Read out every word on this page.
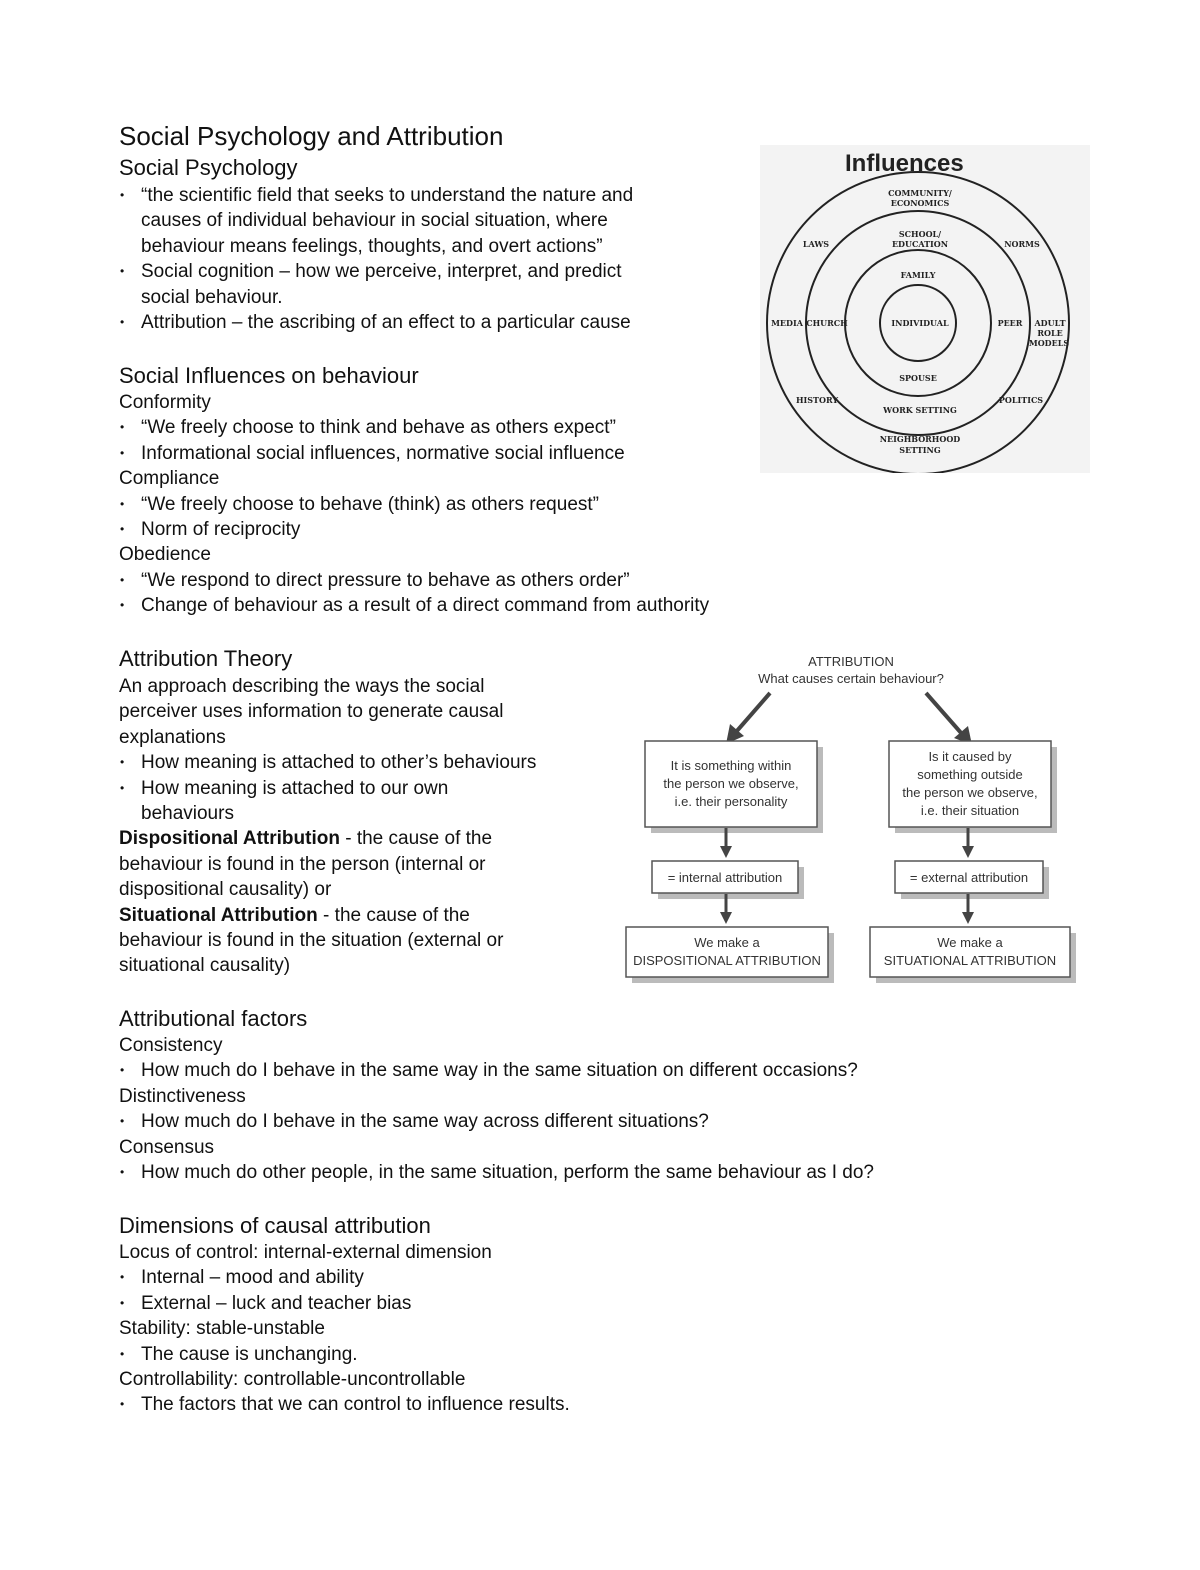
Social Psychology and Attribution
Social Psychology
• “the scientific field that seeks to understand the nature and
causes of individual behaviour in social situation, where
behaviour means feelings, thoughts, and overt actions”
• Social cognition – how we perceive, interpret, and predict
social behaviour.
• Attribution – the ascribing of an effect to a particular cause
Social Influences on behaviour
Conformity
• “We freely choose to think and behave as others expect”
• Informational social influences, normative social influence
Compliance
• “We freely choose to behave (think) as others request”
• Norm of reciprocity
Obedience
• “We respond to direct pressure to behave as others order”
• Change of behaviour as a result of a direct command from authority
Influences
COMMUNITY/
ECONOMICS
LAWS	NORMS
MEDIA	ADULT
ROLE
MODELS
HISTORY	POLITICS
NEIGHBORHOOD
SETTING
SCHOOL/
EDUCATION
CHURCH	PEER
WORK SETTING
FAMILY
SPOUSE
INDIVIDUAL
Attribution Theory
An approach describing the ways the social
perceiver uses information to generate causal
explanations
• How meaning is attached to other’s behaviours
• How meaning is attached to our own
behaviours
Dispositional Attribution - the cause of the
behaviour is found in the person (internal or
dispositional causality) or
Situational Attribution - the cause of the
behaviour is found in the situation (external or
situational causality)
ATTRIBUTION
What causes certain behaviour?
It is something within
the person we observe,
i.e. their personality
Is it caused by
something outside
the person we observe,
i.e. their situation
= internal attribution	= external attribution
We make a
DISPOSITIONAL ATTRIBUTION
We make a
SITUATIONAL ATTRIBUTION
Attributional factors
Consistency
• How much do I behave in the same way in the same situation on different occasions?
Distinctiveness
• How much do I behave in the same way across different situations?
Consensus
• How much do other people, in the same situation, perform the same behaviour as I do?
Dimensions of causal attribution
Locus of control: internal-external dimension
• Internal – mood and ability
• External – luck and teacher bias
Stability: stable-unstable
• The cause is unchanging.
Controllability: controllable-uncontrollable
• The factors that we can control to influence results.
